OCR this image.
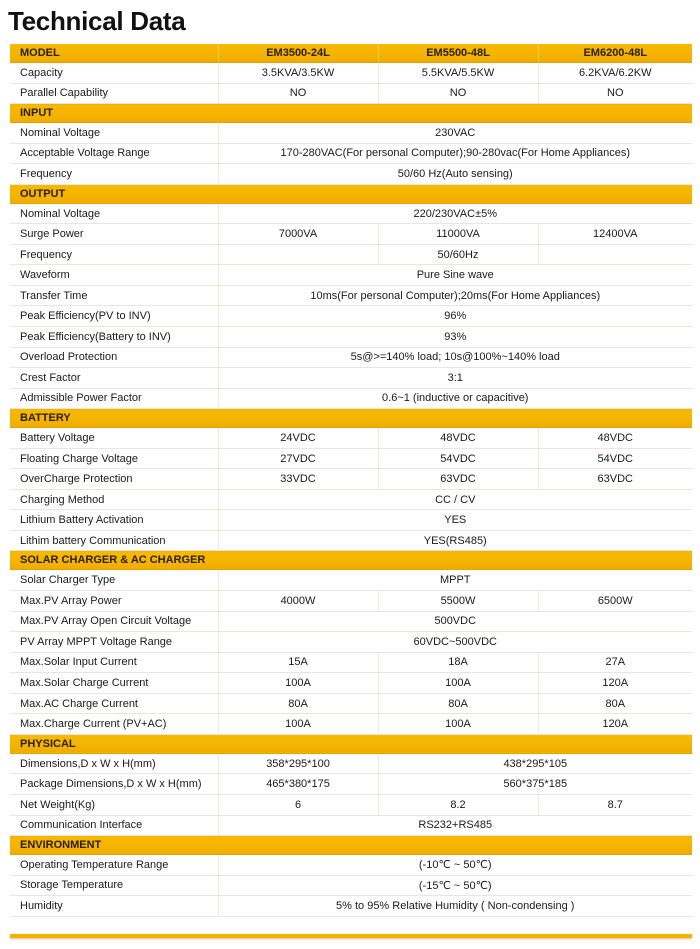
Technical Data
MODEL	EM3500-24L	EM5500-48L	EM6200-48L
Capacity	3.5KVA/3.5KW	5.5KVA/5.5KW	6.2KVA/6.2KW
Parallel Capability	NO	NO	NO
INPUT			
Nominal Voltage	230VAC		
Acceptable Voltage Range	170-280VAC(For personal Computer);90-280vac(For Home Appliances)		
Frequency	50/60 Hz(Auto sensing)		
OUTPUT			
Nominal Voltage	220/230VAC±5%		
Surge Power	7000VA	11000VA	12400VA
Frequency		50/60Hz	
Waveform	Pure Sine wave		
Transfer Time	10ms(For personal Computer);20ms(For Home Appliances)		
Peak Efficiency(PV to INV)	96%		
Peak Efficiency(Battery to INV)	93%		
Overload Protection	5s@>=140% load; 10s@100%~140% load		
Crest Factor	3:1		
Admissible Power Factor	0.6~1 (inductive or capacitive)		
BATTERY			
Battery Voltage	24VDC	48VDC	48VDC
Floating Charge Voltage	27VDC	54VDC	54VDC
OverCharge Protection	33VDC	63VDC	63VDC
Charging Method	CC / CV		
Lithium Battery Activation	YES		
Lithim battery Communication	YES(RS485)		
SOLAR CHARGER & AC CHARGER			
Solar Charger Type	MPPT		
Max.PV Array Power	4000W	5500W	6500W
Max.PV Array Open Circuit Voltage	500VDC		
PV Array MPPT Voltage Range	60VDC~500VDC		
Max.Solar Input Current	15A	18A	27A
Max.Solar Charge Current	100A	100A	120A
Max.AC Charge Current	80A	80A	80A
Max.Charge Current (PV+AC)	100A	100A	120A
PHYSICAL			
Dimensions,D x W x H(mm)	358*295*100	438*295*105	
Package Dimensions,D x W x H(mm)	465*380*175	560*375*185	
Net Weight(Kg)	6	8.2	8.7
Communication Interface	RS232+RS485		
ENVIRONMENT			
Operating Temperature Range	(-10℃ ~ 50℃)		
Storage Temperature	(-15℃ ~ 50℃)		
Humidity	5% to 95% Relative Humidity ( Non-condensing )		
